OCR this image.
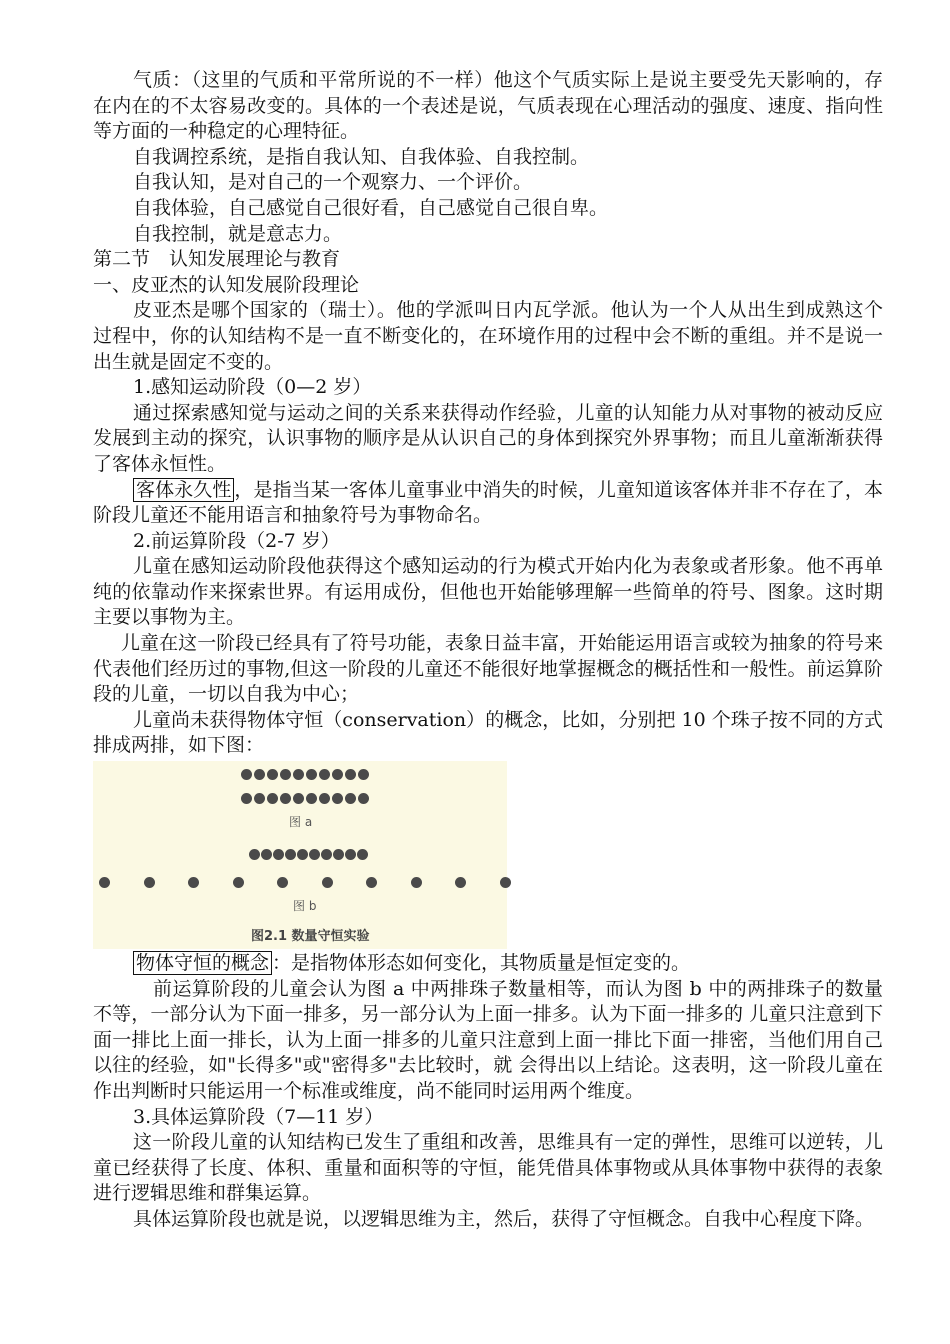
气质：（这里的气质和平常所说的不一样）他这个气质实际上是说主要受先天影响的，存在内在的不太容易改变的。具体的一个表述是说，气质表现在心理活动的强度、速度、指向性等方面的一种稳定的心理特征。

自我调控系统，是指自我认知、自我体验、自我控制。

自我认知，是对自己的一个观察力、一个评价。

自我体验，自己感觉自己很好看，自己感觉自己很自卑。

自我控制，就是意志力。

第二节　认知发展理论与教育

一、皮亚杰的认知发展阶段理论

皮亚杰是哪个国家的（瑞士）。他的学派叫日内瓦学派。他认为一个人从出生到成熟这个过程中，你的认知结构不是一直不断变化的，在环境作用的过程中会不断的重组。并不是说一出生就是固定不变的。

1.感知运动阶段（0—2 岁）

通过探索感知觉与运动之间的关系来获得动作经验，儿童的认知能力从对事物的被动反应发展到主动的探究，认识事物的顺序是从认识自己的身体到探究外界事物；而且儿童渐渐获得了客体永恒性。

客体永久性 ，是指当某一客体儿童事业中消失的时候，儿童知道该客体并非不存在了，本阶段儿童还不能用语言和抽象符号为事物命名。

2.前运算阶段（2-7 岁）

儿童在感知运动阶段他获得这个感知运动的行为模式开始内化为表象或者形象。他不再单纯的依靠动作来探索世界。有运用成份，但他也开始能够理解一些简单的符号、图象。这时期主要以事物为主。

儿童在这一阶段已经具有了符号功能，表象日益丰富，开始能运用语言或较为抽象的符号来代表他们经历过的事物,但这一阶段的儿童还不能很好地掌握概念的概括性和一般性。前运算阶段的儿童，一切以自我为中心；

儿童尚未获得物体守恒（conservation）的概念，比如，分别把 10 个珠子按不同的方式排成两排，如下图：

图 a
图 b
图2.1 数量守恒实验

物体守恒的概念 ：是指物体形态如何变化，其物质量是恒定变的。

前运算阶段的儿童会认为图 a 中两排珠子数量相等，而认为图 b 中的两排珠子的数量不等，一部分认为下面一排多，另一部分认为上面一排多。认为下面一排多的 儿童只注意到下面一排比上面一排长，认为上面一排多的儿童只注意到上面一排比下面一排密，当他们用自己以往的经验，如"长得多"或"密得多"去比较时，就 会得出以上结论。这表明，这一阶段儿童在作出判断时只能运用一个标准或维度，尚不能同时运用两个维度。

3.具体运算阶段（7—11 岁）

这一阶段儿童的认知结构已发生了重组和改善，思维具有一定的弹性，思维可以逆转，儿童已经获得了长度、体积、重量和面积等的守恒，能凭借具体事物或从具体事物中获得的表象进行逻辑思维和群集运算。

具体运算阶段也就是说，以逻辑思维为主，然后，获得了守恒概念。自我中心程度下降。
